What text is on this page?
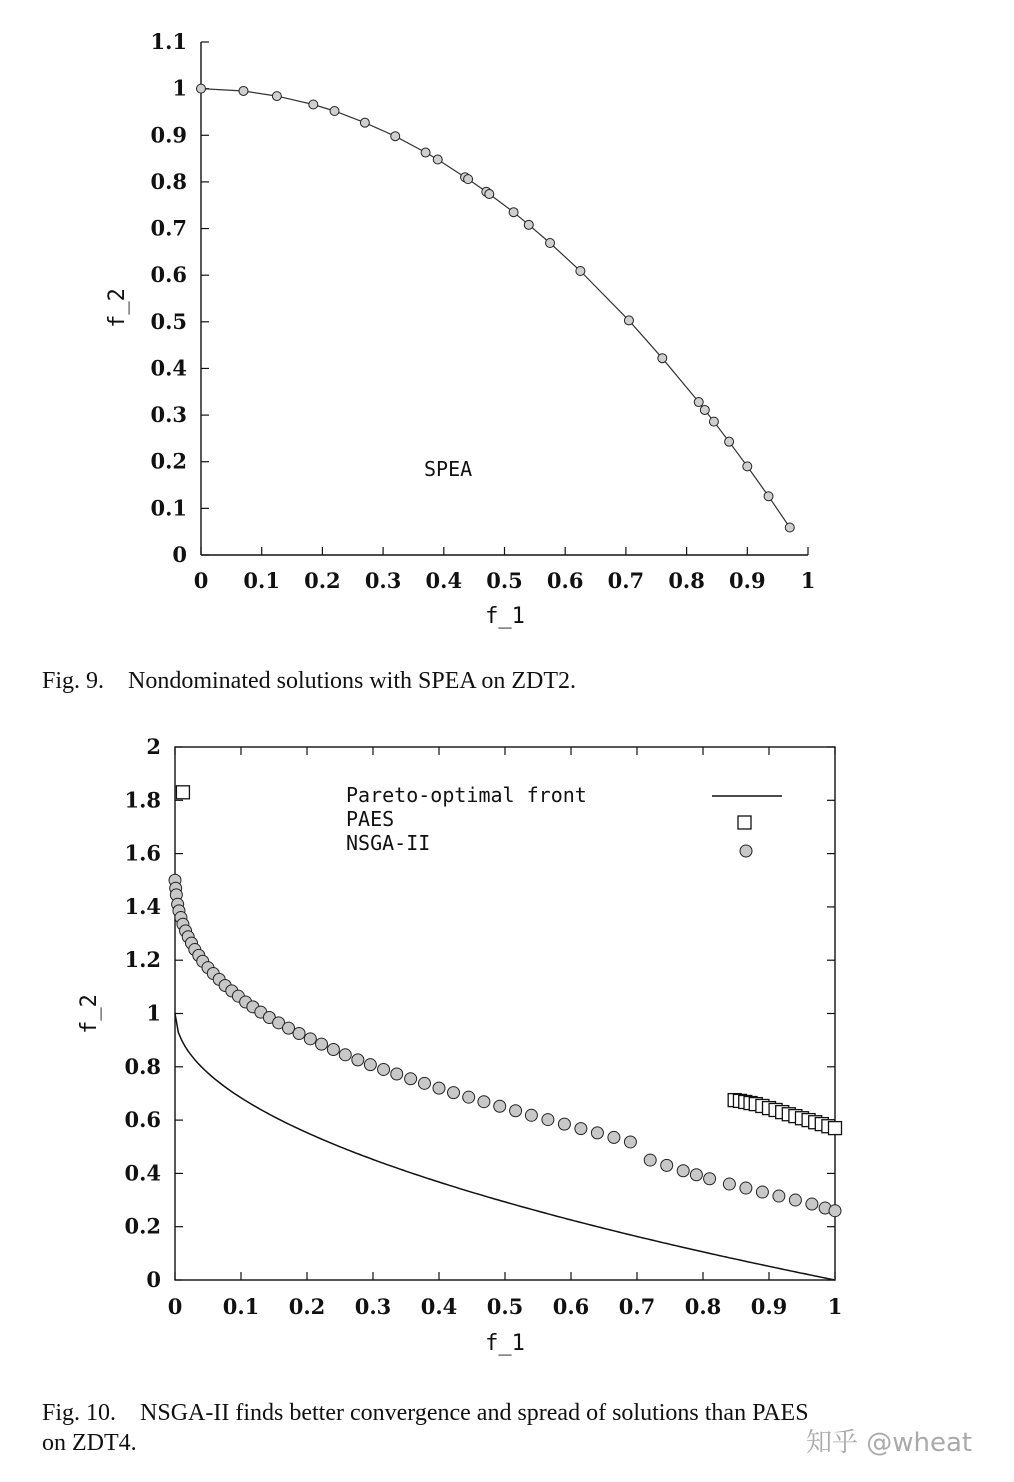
0 0.1 0.2 0.3 0.4 0.5 0.6 0.7 0.8 0.9 1
0
0.1
0.2
0.3
0.4
0.5
0.6
0.7
0.8
0.9
1
1.1
SPEA
f_1
f_2
Fig. 9.    Nondominated solutions with SPEA on ZDT2.
0 0.1 0.2 0.3 0.4 0.5 0.6 0.7 0.8 0.9 1
0
0.2
0.4
0.6
0.8
1
1.2
1.4
1.6
1.8
2
Pareto-optimal front
PAES
NSGA-II
f_1
f_2
Fig. 10.    NSGA-II finds better convergence and spread of solutions than PAES
on ZDT4.	知乎 @wheat
